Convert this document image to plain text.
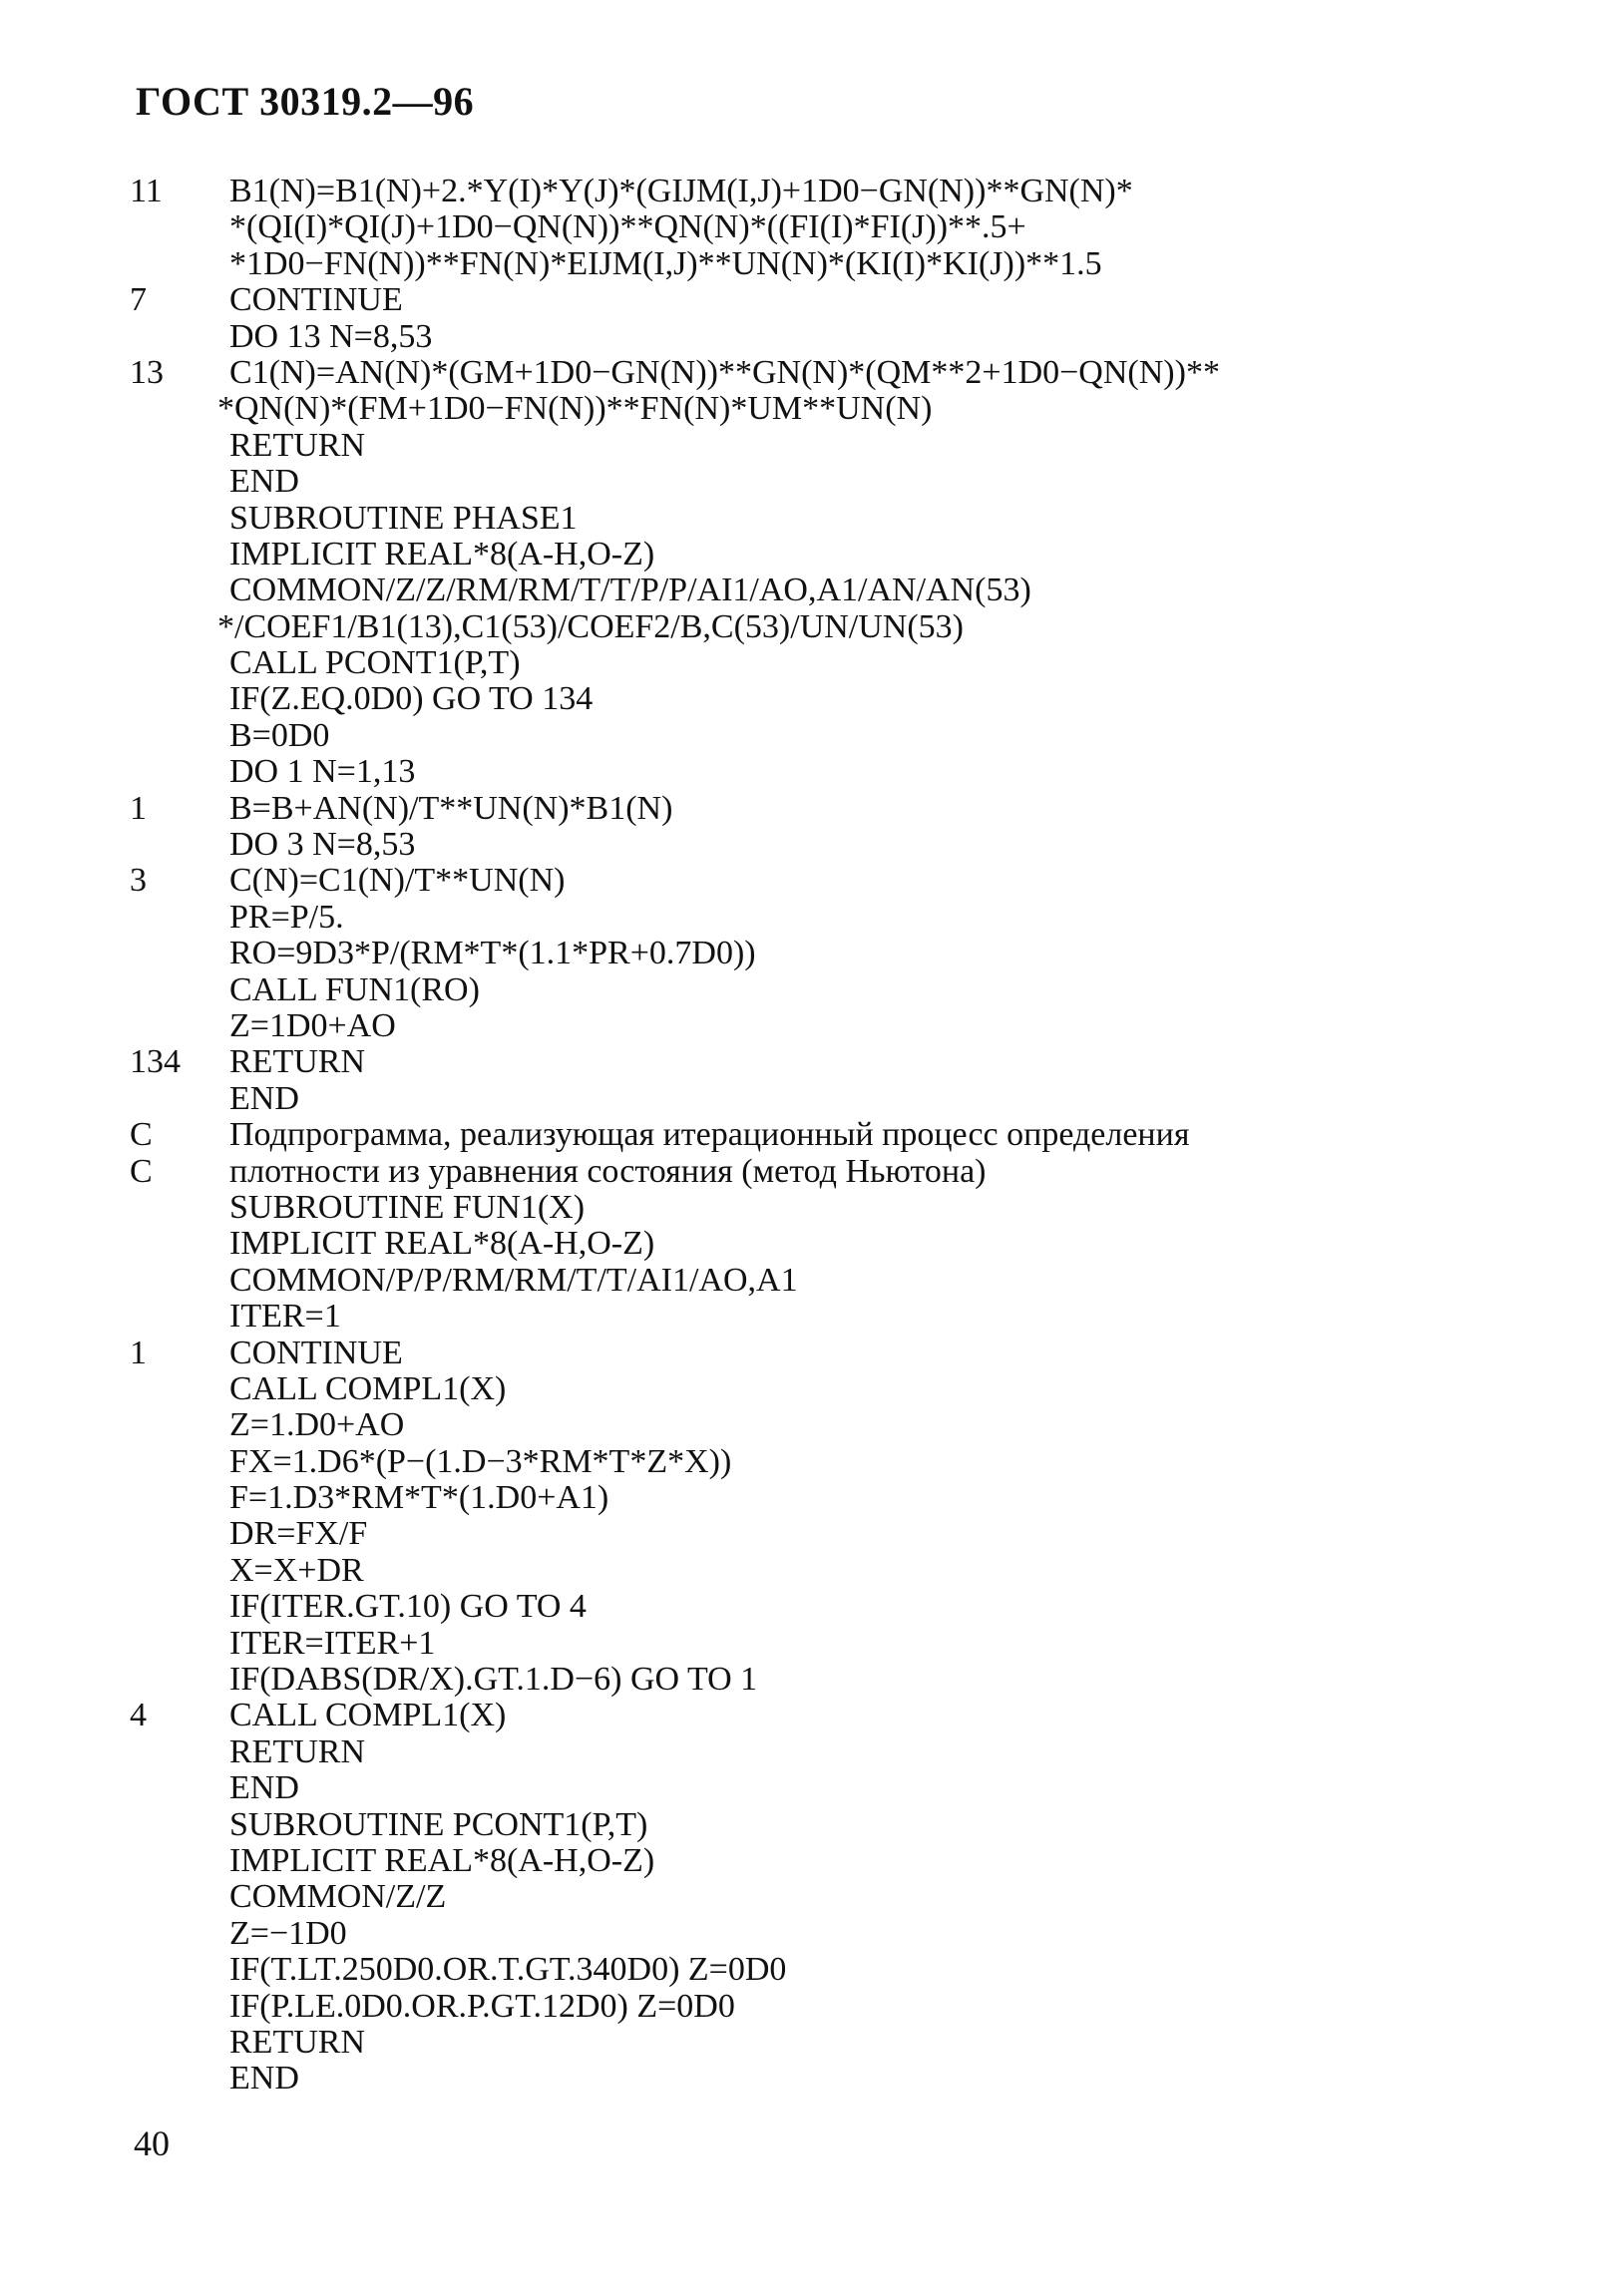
ГОСТ 30319.2—96
11	B1(N)=B1(N)+2.*Y(I)*Y(J)*(GIJM(I,J)+1D0−GN(N))**GN(N)*
*(QI(I)*QI(J)+1D0−QN(N))**QN(N)*((FI(I)*FI(J))**.5+
*1D0−FN(N))**FN(N)*EIJM(I,J)**UN(N)*(KI(I)*KI(J))**1.5
7	CONTINUE
DO 13 N=8,53
13	C1(N)=AN(N)*(GM+1D0−GN(N))**GN(N)*(QM**2+1D0−QN(N))**
*QN(N)*(FM+1D0−FN(N))**FN(N)*UM**UN(N)
RETURN
END
SUBROUTINE PHASE1
IMPLICIT REAL*8(A-H,O-Z)
COMMON/Z/Z/RM/RM/T/T/P/P/AI1/AO,A1/AN/AN(53)
*/COEF1/B1(13),C1(53)/COEF2/B,C(53)/UN/UN(53)
CALL PCONT1(P,T)
IF(Z.EQ.0D0) GO TO 134
B=0D0
DO 1 N=1,13
1	B=B+AN(N)/T**UN(N)*B1(N)
DO 3 N=8,53
3	C(N)=C1(N)/T**UN(N)
PR=P/5.
RO=9D3*P/(RM*T*(1.1*PR+0.7D0))
CALL FUN1(RO)
Z=1D0+AO
134	RETURN
END
C	Подпрограмма, реализующая итерационный процесс определения
C	плотности из уравнения состояния (метод Ньютона)
SUBROUTINE FUN1(X)
IMPLICIT REAL*8(A-H,O-Z)
COMMON/P/P/RM/RM/T/T/AI1/AO,A1
ITER=1
1	CONTINUE
CALL COMPL1(X)
Z=1.D0+AO
FX=1.D6*(P−(1.D−3*RM*T*Z*X))
F=1.D3*RM*T*(1.D0+A1)
DR=FX/F
X=X+DR
IF(ITER.GT.10) GO TO 4
ITER=ITER+1
IF(DABS(DR/X).GT.1.D−6) GO TO 1
4	CALL COMPL1(X)
RETURN
END
SUBROUTINE PCONT1(P,T)
IMPLICIT REAL*8(A-H,O-Z)
COMMON/Z/Z
Z=−1D0
IF(T.LT.250D0.OR.T.GT.340D0) Z=0D0
IF(P.LE.0D0.OR.P.GT.12D0) Z=0D0
RETURN
END
40
